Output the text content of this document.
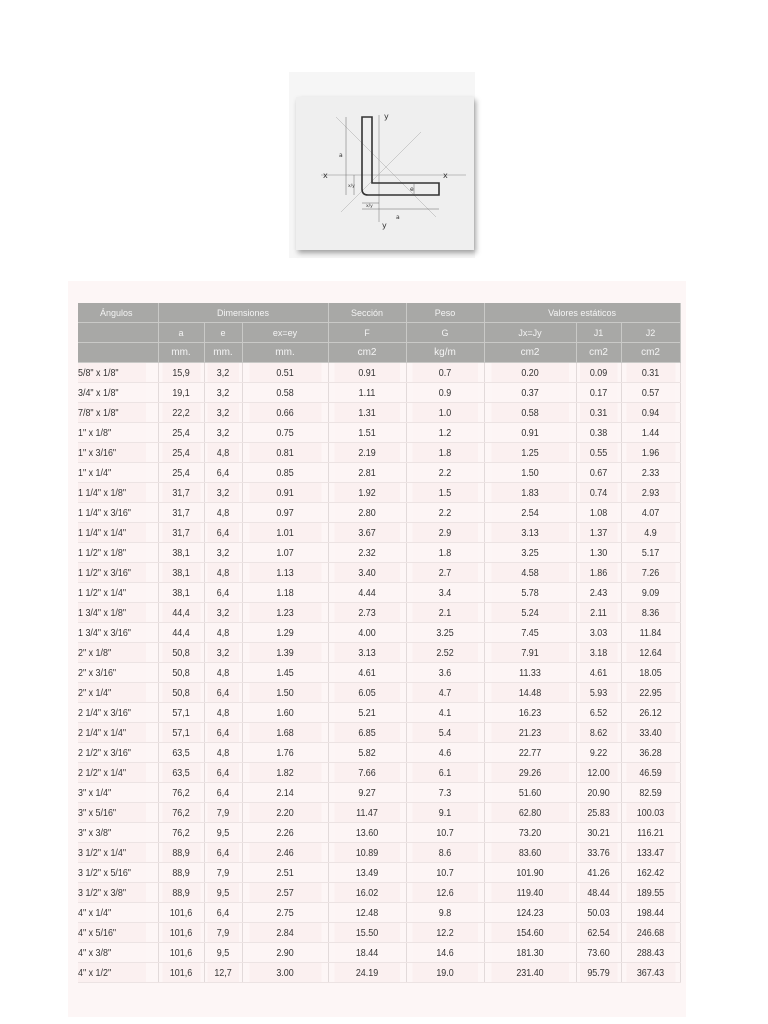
y
y
x	x
a
a
e
x/y
x/y
Ángulos	Dimensiones			Sección	Peso	Valores estáticos		
	a	e	ex=ey	F	G	Jx=Jy	J1	J2
	mm.	mm.	mm.	cm2	kg/m	cm2	cm2	cm2
5/8" x 1/8"	15,9	3,2	0.51	0.91	0.7	0.20	0.09	0.31
3/4" x 1/8"	19,1	3,2	0.58	1.11	0.9	0.37	0.17	0.57
7/8" x 1/8"	22,2	3,2	0.66	1.31	1.0	0.58	0.31	0.94
1" x 1/8"	25,4	3,2	0.75	1.51	1.2	0.91	0.38	1.44
1" x 3/16"	25,4	4,8	0.81	2.19	1.8	1.25	0.55	1.96
1" x 1/4"	25,4	6,4	0.85	2.81	2.2	1.50	0.67	2.33
1 1/4" x 1/8"	31,7	3,2	0.91	1.92	1.5	1.83	0.74	2.93
1 1/4" x 3/16"	31,7	4,8	0.97	2.80	2.2	2.54	1.08	4.07
1 1/4" x 1/4"	31,7	6,4	1.01	3.67	2.9	3.13	1.37	4.9
1 1/2" x 1/8"	38,1	3,2	1.07	2.32	1.8	3.25	1.30	5.17
1 1/2" x 3/16"	38,1	4,8	1.13	3.40	2.7	4.58	1.86	7.26
1 1/2" x 1/4"	38,1	6,4	1.18	4.44	3.4	5.78	2.43	9.09
1 3/4" x 1/8"	44,4	3,2	1.23	2.73	2.1	5.24	2.11	8.36
1 3/4" x 3/16"	44,4	4,8	1.29	4.00	3.25	7.45	3.03	11.84
2" x 1/8"	50,8	3,2	1.39	3.13	2.52	7.91	3.18	12.64
2" x 3/16"	50,8	4,8	1.45	4.61	3.6	11.33	4.61	18.05
2" x 1/4"	50,8	6,4	1.50	6.05	4.7	14.48	5.93	22.95
2 1/4" x 3/16"	57,1	4,8	1.60	5.21	4.1	16.23	6.52	26.12
2 1/4" x 1/4"	57,1	6,4	1.68	6.85	5.4	21.23	8.62	33.40
2 1/2" x 3/16"	63,5	4,8	1.76	5.82	4.6	22.77	9.22	36.28
2 1/2" x 1/4"	63,5	6,4	1.82	7.66	6.1	29.26	12.00	46.59
3" x 1/4"	76,2	6,4	2.14	9.27	7.3	51.60	20.90	82.59
3" x 5/16"	76,2	7,9	2.20	11.47	9.1	62.80	25.83	100.03
3" x 3/8"	76,2	9,5	2.26	13.60	10.7	73.20	30.21	116.21
3 1/2" x 1/4"	88,9	6,4	2.46	10.89	8.6	83.60	33.76	133.47
3 1/2" x 5/16"	88,9	7,9	2.51	13.49	10.7	101.90	41.26	162.42
3 1/2" x 3/8"	88,9	9,5	2.57	16.02	12.6	119.40	48.44	189.55
4" x 1/4"	101,6	6,4	2.75	12.48	9.8	124.23	50.03	198.44
4" x 5/16"	101,6	7,9	2.84	15.50	12.2	154.60	62.54	246.68
4" x 3/8"	101,6	9,5	2.90	18.44	14.6	181.30	73.60	288.43
4" x 1/2"	101,6	12,7	3.00	24.19	19.0	231.40	95.79	367.43
